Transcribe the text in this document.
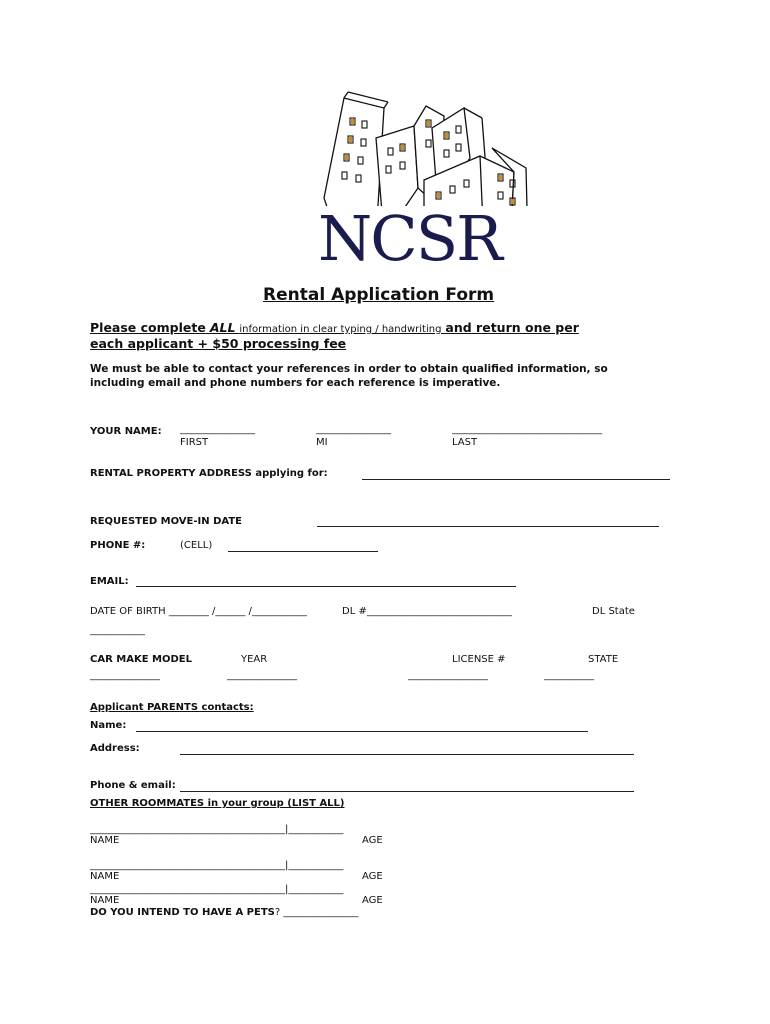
NCSR
Rental Application Form
Please complete ALL information in clear typing / handwriting and return one per
each applicant + $50 processing fee
We must be able to contact your references in order to obtain qualified information, so
including email and phone numbers for each reference is imperative.
YOUR NAME: _______________	_______________	______________________________
FIRST	MI	LAST
RENTAL PROPERTY ADDRESS applying for:
REQUESTED MOVE-IN DATE
PHONE #:	(CELL)
EMAIL:
DATE OF BIRTH ________ /______ /___________	DL #_____________________________	DL State
___________
CAR MAKE MODEL	YEAR	LICENSE #	STATE
______________	______________	________________	__________
Applicant PARENTS contacts:
Name:
Address:
Phone & email:
OTHER ROOMMATES in your group (LIST ALL)
_______________________________________|___________
NAME	AGE
_______________________________________|___________
NAME	AGE
_______________________________________|___________
NAME	AGE
DO YOU INTEND TO HAVE A PETS? _______________
